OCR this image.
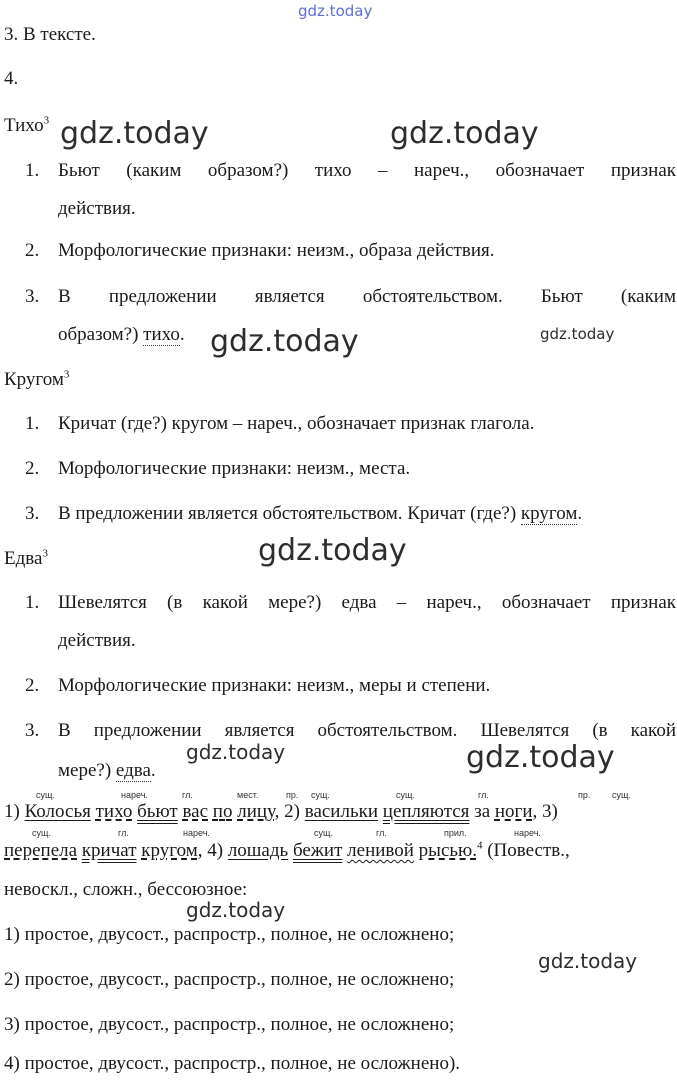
gdz.today
gdz.today	gdz.today
gdz.today	gdz.today
gdz.today
gdz.today	gdz.today
gdz.today
gdz.today
3. В тексте.
4.
Тихо$^3$
1. Бьют (каким образом?) тихо – нареч., обозначает признак
действия.
2. Морфологические признаки: неизм., образа действия.
3. В предложении является обстоятельством. Бьют (каким
образом?) тихо.
Кругом$^3$
1. Кричат (где?) кругом – нареч., обозначает признак глагола.
2. Морфологические признаки: неизм., места.
3. В предложении является обстоятельством. Кричат (где?) кругом.
Едва$^3$
1. Шевелятся (в какой мере?) едва – нареч., обозначает признак
действия.
2. Морфологические признаки: неизм., меры и степени.
3. В предложении является обстоятельством. Шевелятся (в какой
мере?) едва.
сущ.	нареч.	гл.	мест.	пр. сущ.	сущ.	гл.	пр. сущ.
1) Колосья тихо бьют вас по лицу, 2) васильки цепляются за ноги, 3)
сущ.	гл.	нареч.	сущ.	гл.	прил.	нареч.
перепела кричат кругом, 4) лошадь бежит ленивой рысью.$^4$ (Повеств.,
невоскл., сложн., бессоюзное:
1) простое, двусост., распростр., полное, не осложнено;
2) простое, двусост., распростр., полное, не осложнено;
3) простое, двусост., распростр., полное, не осложнено;
4) простое, двусост., распростр., полное, не осложнено).
